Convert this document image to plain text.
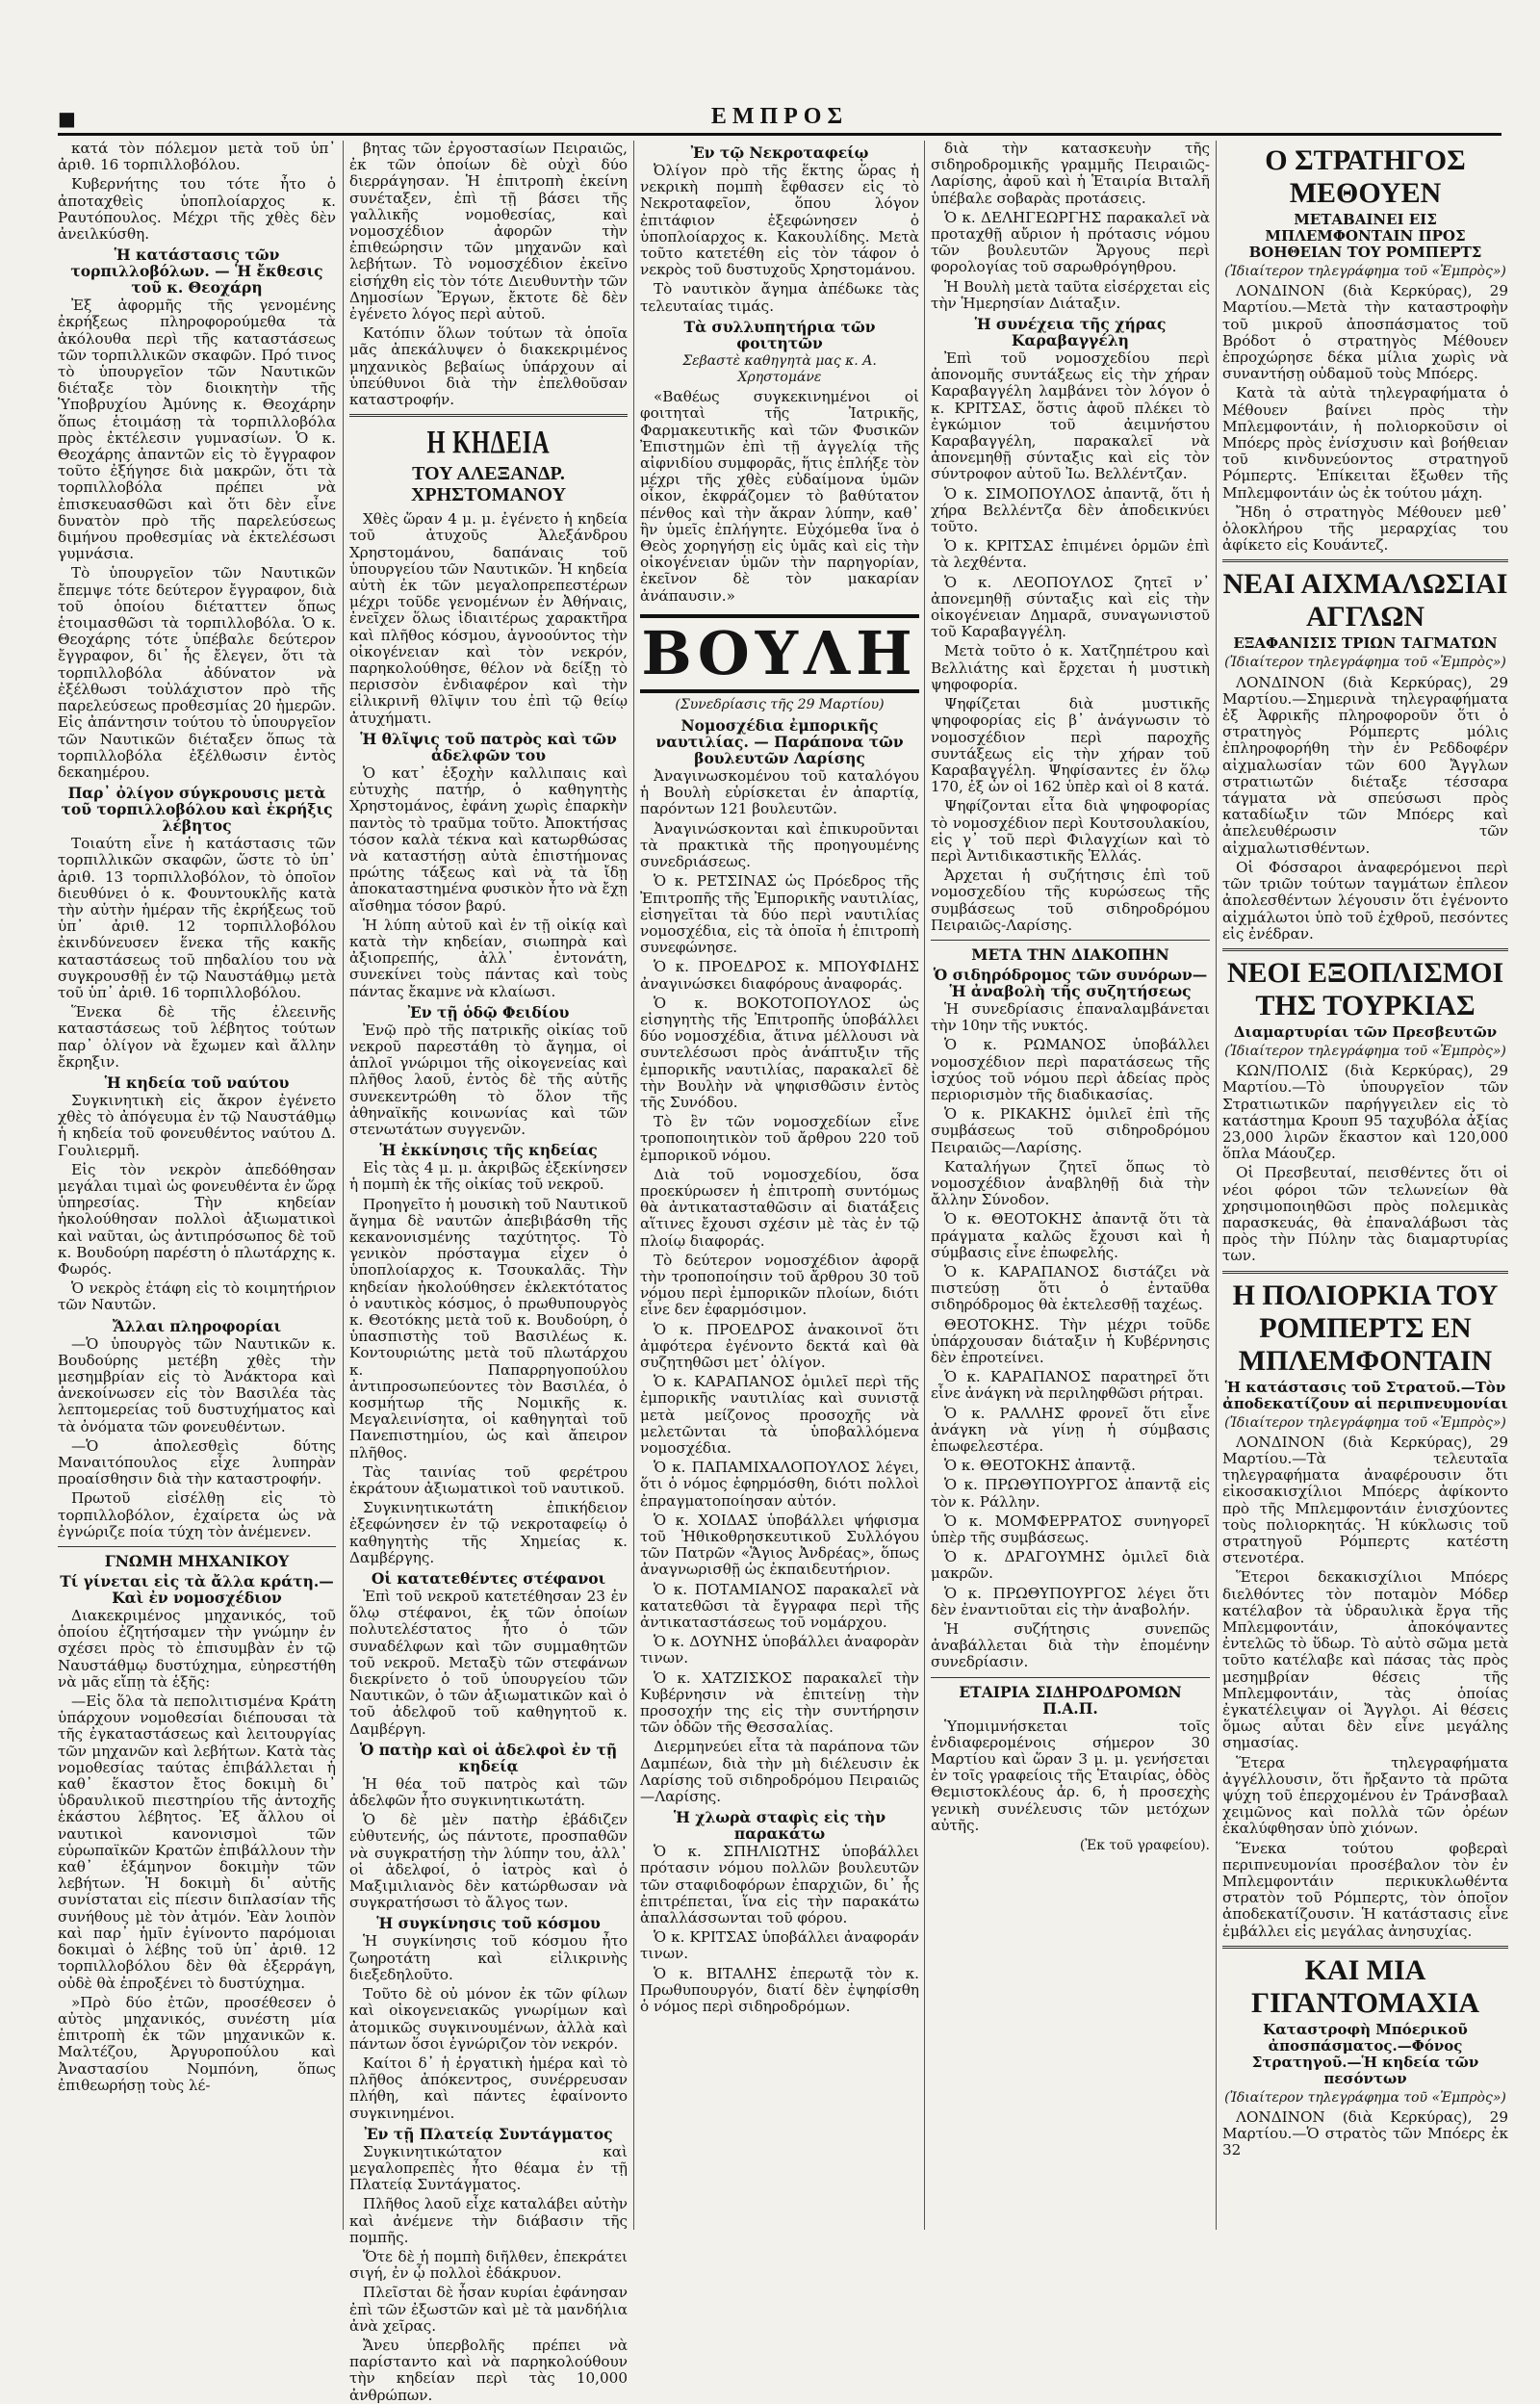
■	ΕΜΠΡΟΣ

κατά τὸν πόλεμον μετὰ τοῦ ὑπ᾽ ἀριθ. 16 τορπιλλοβόλου.

Κυβερνήτης του τότε ἦτο ὁ ἀποταχθεὶς ὑποπλοίαρχος κ. Ραυτόπουλος. Μέχρι τῆς χθὲς δὲν ἀνειλκύσθη.

Ἡ κατάστασις τῶν τορπιλλοβόλων. — Ἡ ἔκθεσις τοῦ κ. Θεοχάρη

Ἐξ ἀφορμῆς τῆς γενομένης ἐκρήξεως πληροφορούμεθα τὰ ἀκόλουθα περὶ τῆς καταστάσεως τῶν τορπιλλικῶν σκαφῶν. Πρό τινος τὸ ὑπουργεῖον τῶν Ναυτικῶν διέταξε τὸν διοικητὴν τῆς Ὑποβρυχίου Ἀμύνης κ. Θεοχάρην ὅπως ἑτοιμάσῃ τὰ τορπιλλοβόλα πρὸς ἐκτέλεσιν γυμνασίων. Ὁ κ. Θεοχάρης ἀπαντῶν εἰς τὸ ἔγγραφον τοῦτο ἐξήγησε διὰ μακρῶν, ὅτι τὰ τορπιλλοβόλα πρέπει νὰ ἐπισκευασθῶσι καὶ ὅτι δὲν εἶνε δυνατὸν πρὸ τῆς παρελεύσεως διμήνου προθεσμίας νὰ ἐκτελέσωσι γυμνάσια.

Τὸ ὑπουργεῖον τῶν Ναυτικῶν ἔπεμψε τότε δεύτερον ἔγγραφον, διὰ τοῦ ὁποίου διέταττεν ὅπως ἑτοιμασθῶσι τὰ τορπιλλοβόλα. Ὁ κ. Θεοχάρης τότε ὑπέβαλε δεύτερον ἔγγραφον, δι᾽ ἧς ἔλεγεν, ὅτι τὰ τορπιλλοβόλα ἀδύνατον νὰ ἐξέλθωσι τοὐλάχιστον πρὸ τῆς παρελεύσεως προθεσμίας 20 ἡμερῶν. Εἰς ἀπάντησιν τούτου τὸ ὑπουργεῖον τῶν Ναυτικῶν διέταξεν ὅπως τὰ τορπιλλοβόλα ἐξέλθωσιν ἐντὸς δεκαημέρου.

Παρ᾽ ὀλίγον σύγκρουσις μετὰ τοῦ τορπιλλοβόλου καὶ ἐκρήξις λέβητος

Τοιαύτη εἶνε ἡ κατάστασις τῶν τορπιλλικῶν σκαφῶν, ὥστε τὸ ὑπ᾽ ἀριθ. 13 τορπιλλοβόλον, τὸ ὁποῖον διευθύνει ὁ κ. Φουντουκλῆς κατὰ τὴν αὐτὴν ἡμέραν τῆς ἐκρήξεως τοῦ ὑπ᾽ ἀριθ. 12 τορπιλλοβόλου ἐκινδύνευσεν ἕνεκα τῆς κακῆς καταστάσεως τοῦ πηδαλίου του νὰ συγκρουσθῇ ἐν τῷ Ναυστάθμῳ μετὰ τοῦ ὑπ᾽ ἀριθ. 16 τορπιλλοβόλου.

Ἕνεκα δὲ τῆς ἐλεεινῆς καταστάσεως τοῦ λέβητος τούτων παρ᾽ ὀλίγον νὰ ἔχωμεν καὶ ἄλλην ἔκρηξιν.

Ἡ κηδεία τοῦ ναύτου

Συγκινητικὴ εἰς ἄκρον ἐγένετο χθὲς τὸ ἀπόγευμα ἐν τῷ Ναυστάθμῳ ἡ κηδεία τοῦ φονευθέντος ναύτου Δ. Γουλιερμῆ.

Εἰς τὸν νεκρὸν ἀπεδόθησαν μεγάλαι τιμαὶ ὡς φονευθέντα ἐν ὥρᾳ ὑπηρεσίας. Τὴν κηδείαν ἠκολούθησαν πολλοὶ ἀξιωματικοὶ καὶ ναῦται, ὡς ἀντιπρόσωπος δὲ τοῦ κ. Βουδούρη παρέστη ὁ πλωτάρχης κ. Φωρός.

Ὁ νεκρὸς ἐτάφη εἰς τὸ κοιμητήριον τῶν Ναυτῶν.

Ἄλλαι πληροφορίαι

—Ὁ ὑπουργὸς τῶν Ναυτικῶν κ. Βουδούρης μετέβη χθὲς τὴν μεσημβρίαν εἰς τὸ Ἀνάκτορα καὶ ἀνεκοίνωσεν εἰς τὸν Βασιλέα τὰς λεπτομερείας τοῦ δυστυχήματος καὶ τὰ ὀνόματα τῶν φονευθέντων.

—Ὁ ἀπολεσθεὶς δύτης Μαναιτόπουλος εἶχε λυπηρὰν προαίσθησιν διὰ τὴν καταστροφήν.

Πρωτοῦ εἰσέλθῃ εἰς τὸ τορπιλλοβόλον, ἐχαίρετα ὡς νὰ ἐγνώριζε ποία τύχη τὸν ἀνέμενεν.

ΓΝΩΜΗ ΜΗΧΑΝΙΚΟΥ
Τί γίνεται εἰς τὰ ἄλλα κράτη.—Καὶ ἐν νομοσχέδιον

Διακεκριμένος μηχανικός, τοῦ ὁποίου ἐζητήσαμεν τὴν γνώμην ἐν σχέσει πρὸς τὸ ἐπισυμβὰν ἐν τῷ Ναυστάθμῳ δυστύχημα, εὐηρεστήθη νὰ μᾶς εἴπῃ τὰ ἑξῆς:

—Εἰς ὅλα τὰ πεπολιτισμένα Κράτη ὑπάρχουν νομοθεσίαι διέπουσαι τὰ τῆς ἐγκαταστάσεως καὶ λειτουργίας τῶν μηχανῶν καὶ λεβήτων. Κατὰ τὰς νομοθεσίας ταύτας ἐπιβάλλεται ἡ καθ᾽ ἕκαστον ἔτος δοκιμὴ δι᾽ ὑδραυλικοῦ πιεστηρίου τῆς ἀντοχῆς ἑκάστου λέβητος. Ἐξ ἄλλου οἱ ναυτικοὶ κανονισμοὶ τῶν εὐρωπαϊκῶν Κρατῶν ἐπιβάλλουν τὴν καθ᾽ ἑξάμηνον δοκιμὴν τῶν λεβήτων. Ἡ δοκιμὴ δι᾽ αὐτῆς συνίσταται εἰς πίεσιν διπλασίαν τῆς συνήθους μὲ τὸν ἀτμόν. Ἐὰν λοιπὸν καὶ παρ᾽ ἡμῖν ἐγίνοντο παρόμοιαι δοκιμαὶ ὁ λέβης τοῦ ὑπ᾽ ἀριθ. 12 τορπιλλοβόλου δὲν θὰ ἐξερράγη, οὐδὲ θὰ ἐπροξένει τὸ δυστύχημα.

»Πρὸ δύο ἐτῶν, προσέθεσεν ὁ αὐτὸς μηχανικός, συνέστη μία ἐπιτροπὴ ἐκ τῶν μηχανικῶν κ. Μαλτέζου, Ἀργυροπούλου καὶ Ἀναστασίου Νομπόνη, ὅπως ἐπιθεωρήσῃ τοὺς λέ-

βητας τῶν ἐργοστασίων Πειραιῶς, ἐκ τῶν ὁποίων δὲ οὐχὶ δύο διερράγησαν. Ἡ ἐπιτροπὴ ἐκείνη συνέταξεν, ἐπὶ τῇ βάσει τῆς γαλλικῆς νομοθεσίας, καὶ νομοσχέδιον ἀφορῶν τὴν ἐπιθεώρησιν τῶν μηχανῶν καὶ λεβήτων. Τὸ νομοσχέδιον ἐκεῖνο εἰσήχθη εἰς τὸν τότε Διευθυντὴν τῶν Δημοσίων Ἔργων, ἔκτοτε δὲ δὲν ἐγένετο λόγος περὶ αὐτοῦ.

Κατόπιν ὅλων τούτων τὰ ὁποῖα μᾶς ἀπεκάλυψεν ὁ διακεκριμένος μηχανικὸς βεβαίως ὑπάρχουν αἱ ὑπεύθυνοι διὰ τὴν ἐπελθοῦσαν καταστροφήν.

Η ΚΗΔΕΙΑ
ΤΟΥ ΑΛΕΞΑΝΔΡ. ΧΡΗΣΤΟΜΑΝΟΥ

Χθὲς ὥραν 4 μ. μ. ἐγένετο ἡ κηδεία τοῦ ἀτυχοῦς Ἀλεξάνδρου Χρηστομάνου, δαπάναις τοῦ ὑπουργείου τῶν Ναυτικῶν. Ἡ κηδεία αὐτὴ ἐκ τῶν μεγαλοπρεπεστέρων μέχρι τοῦδε γενομένων ἐν Ἀθήναις, ἐνεῖχεν ὅλως ἰδιαιτέρως χαρακτῆρα καὶ πλῆθος κόσμου, ἀγνοούντος τὴν οἰκογένειαν καὶ τὸν νεκρόν, παρηκολούθησε, θέλον νὰ δείξῃ τὸ περισσὸν ἐνδιαφέρον καὶ τὴν εἰλικρινῆ θλῖψιν του ἐπὶ τῷ θείῳ ἀτυχήματι.

Ἡ θλῖψις τοῦ πατρὸς καὶ τῶν ἀδελφῶν του

Ὁ κατ᾽ ἐξοχὴν καλλιπαις καὶ εὐτυχὴς πατήρ, ὁ καθηγητὴς Χρηστομάνος, ἐφάνη χωρὶς ἐπαρκὴν παντὸς τὸ τραῦμα τοῦτο. Ἀποκτήσας τόσον καλὰ τέκνα καὶ κατωρθώσας νὰ καταστήσῃ αὐτὰ ἐπιστήμονας πρώτης τάξεως καὶ νὰ τὰ ἴδῃ ἀποκαταστημένα φυσικὸν ἦτο νὰ ἔχῃ αἴσθημα τόσον βαρύ.

Ἡ λύπη αὐτοῦ καὶ ἐν τῇ οἰκίᾳ καὶ κατὰ τὴν κηδείαν, σιωπηρὰ καὶ ἀξιοπρεπής, ἀλλ᾽ ἐντονάτη, συνεκίνει τοὺς πάντας καὶ τοὺς πάντας ἔκαμνε νὰ κλαίωσι.

Ἐν τῇ ὁδῷ Φειδίου

Ἐνῷ πρὸ τῆς πατρικῆς οἰκίας τοῦ νεκροῦ παρεστάθη τὸ ἄγημα, οἱ ἁπλοῖ γνώριμοι τῆς οἰκογενείας καὶ πλῆθος λαοῦ, ἐντὸς δὲ τῆς αὐτῆς συνεκεντρώθη τὸ ὅλον τῆς ἀθηναϊκῆς κοινωνίας καὶ τῶν στενωτάτων συγγενῶν.

Ἡ ἐκκίνησις τῆς κηδείας

Εἰς τὰς 4 μ. μ. ἀκριβῶς ἐξεκίνησεν ἡ πομπὴ ἐκ τῆς οἰκίας τοῦ νεκροῦ.

Προηγεῖτο ἡ μουσικὴ τοῦ Ναυτικοῦ ἄγημα δὲ ναυτῶν ἀπεβιβάσθη τῆς κεκανονισμένης ταχύτητος. Τὸ γενικὸν πρόσταγμα εἶχεν ὁ ὑποπλοίαρχος κ. Τσουκαλᾶς. Τὴν κηδείαν ἠκολούθησεν ἐκλεκτότατος ὁ ναυτικὸς κόσμος, ὁ πρωθυπουργὸς κ. Θεοτόκης μετὰ τοῦ κ. Βουδούρη, ὁ ὑπασπιστὴς τοῦ Βασιλέως κ. Κοντουριώτης μετὰ τοῦ πλωτάρχου κ. Παπαρρηγοπούλου ἀντιπροσωπεύοντες τὸν Βασιλέα, ὁ κοσμήτωρ τῆς Νομικῆς κ. Μεγαλεινίσητα, οἱ καθηγηταὶ τοῦ Πανεπιστημίου, ὡς καὶ ἄπειρον πλῆθος.

Τὰς ταινίας τοῦ φερέτρου ἐκράτουν ἀξιωματικοὶ τοῦ ναυτικοῦ.

Συγκινητικωτάτη ἐπικήδειον ἐξεφώνησεν ἐν τῷ νεκροταφείῳ ὁ καθηγητὴς τῆς Χημείας κ. Δαμβέργης.

Οἱ κατατεθέντες στέφανοι

Ἐπὶ τοῦ νεκροῦ κατετέθησαν 23 ἐν ὅλῳ στέφανοι, ἐκ τῶν ὁποίων πολυτελέστατος ἦτο ὁ τῶν συναδέλφων καὶ τῶν συμμαθητῶν τοῦ νεκροῦ. Μεταξὺ τῶν στεφάνων διεκρίνετο ὁ τοῦ ὑπουργείου τῶν Ναυτικῶν, ὁ τῶν ἀξιωματικῶν καὶ ὁ τοῦ ἀδελφοῦ τοῦ καθηγητοῦ κ. Δαμβέργη.

Ὁ πατὴρ καὶ οἱ ἀδελφοὶ ἐν τῇ κηδείᾳ

Ἡ θέα τοῦ πατρὸς καὶ τῶν ἀδελφῶν ἦτο συγκινητικωτάτη.

Ὁ δὲ μὲν πατὴρ ἐβάδιζεν εὐθυτενής, ὡς πάντοτε, προσπαθῶν νὰ συγκρατήσῃ τὴν λύπην του, ἀλλ᾽ οἱ ἀδελφοί, ὁ ἰατρὸς καὶ ὁ Μαξιμιλιανὸς δὲν κατώρθωσαν νὰ συγκρατήσωσι τὸ ἄλγος των.

Ἡ συγκίνησις τοῦ κόσμου

Ἡ συγκίνησις τοῦ κόσμου ἦτο ζωηροτάτη καὶ εἰλικρινὴς διεξεδηλοῦτο.

Τοῦτο δὲ οὐ μόνον ἐκ τῶν φίλων καὶ οἰκογενειακῶς γνωρίμων καὶ ἀτομικῶς συγκινουμένων, ἀλλὰ καὶ πάντων ὅσοι ἐγνώριζον τὸν νεκρόν.

Καίτοι δ᾽ ἡ ἐργατικὴ ἡμέρα καὶ τὸ πλῆθος ἀπόκεντρος, συνέρρευσαν πλήθη, καὶ πάντες ἐφαίνοντο συγκινημένοι.

Ἐν τῇ Πλατείᾳ Συντάγματος

Συγκινητικώτατον καὶ μεγαλοπρεπὲς ἦτο θέαμα ἐν τῇ Πλατείᾳ Συντάγματος.

Πλῆθος λαοῦ εἶχε καταλάβει αὐτὴν καὶ ἀνέμενε τὴν διάβασιν τῆς πομπῆς.

Ὅτε δὲ ἡ πομπὴ διῆλθεν, ἐπεκράτει σιγή, ἐν ᾧ πολλοὶ ἐδάκρυον.

Πλεῖσται δὲ ἦσαν κυρίαι ἐφάνησαν ἐπὶ τῶν ἐξωστῶν καὶ μὲ τὰ μανδήλια ἀνὰ χεῖρας.

Ἄνευ ὑπερβολῆς πρέπει νὰ παρίσταντο καὶ νὰ παρηκολούθουν τὴν κηδείαν περὶ τὰς 10,000 ἀνθρώπων.

Ἐν τῷ Νεκροταφείῳ

Ὀλίγον πρὸ τῆς ἕκτης ὥρας ἡ νεκρικὴ πομπὴ ἔφθασεν εἰς τὸ Νεκροταφεῖον, ὅπου λόγον ἐπιτάφιον ἐξεφώνησεν ὁ ὑποπλοίαρχος κ. Κακουλίδης. Μετὰ τοῦτο κατετέθη εἰς τὸν τάφον ὁ νεκρὸς τοῦ δυστυχοῦς Χρηστομάνου.

Τὸ ναυτικὸν ἄγημα ἀπέδωκε τὰς τελευταίας τιμάς.

Τὰ συλλυπητήρια τῶν φοιτητῶν
Σεβαστὲ καθηγητὰ μας κ. Α. Χρηστομάνε

«Βαθέως συγκεκινημένοι οἱ φοιτηταὶ τῆς Ἰατρικῆς, Φαρμακευτικῆς καὶ τῶν Φυσικῶν Ἐπιστημῶν ἐπὶ τῇ ἀγγελίᾳ τῆς αἰφνιδίου συμφορᾶς, ἥτις ἐπλήξε τὸν μέχρι τῆς χθὲς εὐδαίμονα ὑμῶν οἶκον, ἐκφράζομεν τὸ βαθύτατον πένθος καὶ τὴν ἄκραν λύπην, καθ᾽ ἣν ὑμεῖς ἐπλήγητε. Εὐχόμεθα ἵνα ὁ Θεὸς χορηγήσῃ εἰς ὑμᾶς καὶ εἰς τὴν οἰκογένειαν ὑμῶν τὴν παρηγορίαν, ἐκεῖνον δὲ τὸν μακαρίαν ἀνάπαυσιν.»

ΒΟΥΛΗ
(Συνεδρίασις τῆς 29 Μαρτίου)
Νομοσχέδια ἐμπορικῆς ναυτιλίας. — Παράπονα τῶν βουλευτῶν Λαρίσης

Ἀναγινωσκομένου τοῦ καταλόγου ἡ Βουλὴ εὑρίσκεται ἐν ἀπαρτίᾳ, παρόντων 121 βουλευτῶν.

Ἀναγινώσκονται καὶ ἐπικυροῦνται τὰ πρακτικὰ τῆς προηγουμένης συνεδριάσεως.

Ὁ κ. ΡΕΤΣΙΝΑΣ ὡς Πρόεδρος τῆς Ἐπιτροπῆς τῆς Ἐμπορικῆς ναυτιλίας, εἰσηγεῖται τὰ δύο περὶ ναυτιλίας νομοσχέδια, εἰς τὰ ὁποῖα ἡ ἐπιτροπὴ συνεφώνησε.

Ὁ κ. ΠΡΟΕΔΡΟΣ κ. ΜΠΟΥΦΙΔΗΣ ἀναγινώσκει διαφόρους ἀναφοράς.

Ὁ κ. ΒΟΚΟΤΟΠΟΥΛΟΣ ὡς εἰσηγητὴς τῆς Ἐπιτροπῆς ὑποβάλλει δύο νομοσχέδια, ἅτινα μέλλουσι νὰ συντελέσωσι πρὸς ἀνάπτυξιν τῆς ἐμπορικῆς ναυτιλίας, παρακαλεῖ δὲ τὴν Βουλὴν νὰ ψηφισθῶσιν ἐντὸς τῆς Συνόδου.

Τὸ ἓν τῶν νομοσχεδίων εἶνε τροποποιητικὸν τοῦ ἄρθρου 220 τοῦ ἐμπορικοῦ νόμου.

Διὰ τοῦ νομοσχεδίου, ὅσα προεκύρωσεν ἡ ἐπιτροπὴ συντόμως θὰ ἀντικατασταθῶσιν αἱ διατάξεις αἵτινες ἔχουσι σχέσιν μὲ τὰς ἐν τῷ πλοίῳ διαφοράς.

Τὸ δεύτερον νομοσχέδιον ἀφορᾷ τὴν τροποποίησιν τοῦ ἄρθρου 30 τοῦ νόμου περὶ ἐμπορικῶν πλοίων, διότι εἶνε δεν ἐφαρμόσιμον.

Ὁ κ. ΠΡΟΕΔΡΟΣ ἀνακοινοῖ ὅτι ἀμφότερα ἐγένοντο δεκτά καὶ θὰ συζητηθῶσι μετ᾽ ὀλίγον.

Ὁ κ. ΚΑΡΑΠΑΝΟΣ ὁμιλεῖ περὶ τῆς ἐμπορικῆς ναυτιλίας καὶ συνιστᾷ μετὰ μείζονος προσοχῆς νὰ μελετῶνται τὰ ὑποβαλλόμενα νομοσχέδια.

Ὁ κ. ΠΑΠΑΜΙΧΑΛΟΠΟΥΛΟΣ λέγει, ὅτι ὁ νόμος ἐφηρμόσθη, διότι πολλοὶ ἐπραγματοποίησαν αὐτόν.

Ὁ κ. ΧΟΙΔΑΣ ὑποβάλλει ψήφισμα τοῦ Ἠθικοθρησκευτικοῦ Συλλόγου τῶν Πατρῶν «Ἅγιος Ἀνδρέας», ὅπως ἀναγνωρισθῇ ὡς ἐκπαιδευτήριον.

Ὁ κ. ΠΟΤΑΜΙΑΝΟΣ παρακαλεῖ νὰ κατατεθῶσι τὰ ἔγγραφα περὶ τῆς ἀντικαταστάσεως τοῦ νομάρχου.

Ὁ κ. ΔΟΥΝΗΣ ὑποβάλλει ἀναφορὰν τινων.

Ὁ κ. ΧΑΤΖΙΣΚΟΣ παρακαλεῖ τὴν Κυβέρνησιν νὰ ἐπιτείνῃ τὴν προσοχήν της εἰς τὴν συντήρησιν τῶν ὁδῶν τῆς Θεσσαλίας.

Διερμηνεύει εἶτα τὰ παράπονα τῶν Δαμπέων, διὰ τὴν μὴ διέλευσιν ἐκ Λαρίσης τοῦ σιδηροδρόμου Πειραιῶς—Λαρίσης.

Ἡ χλωρὰ σταφὶς εἰς τὴν παρακάτω

Ὁ κ. ΣΠΗΛΙΩΤΗΣ ὑποβάλλει πρότασιν νόμου πολλῶν βουλευτῶν τῶν σταφιδοφόρων ἐπαρχιῶν, δι᾽ ἧς ἐπιτρέπεται, ἵνα εἰς τὴν παρακάτω ἀπαλλάσσωνται τοῦ φόρου.

Ὁ κ. ΚΡΙΤΣΑΣ ὑποβάλλει ἀναφοράν τινων.

Ὁ κ. ΒΙΤΑΛΗΣ ἐπερωτᾷ τὸν κ. Πρωθυπουργόν, διατί δὲν ἐψηφίσθη ὁ νόμος περὶ σιδηροδρόμων.

διὰ τὴν κατασκευὴν τῆς σιδηροδρομικῆς γραμμῆς Πειραιῶς-Λαρίσης, ἀφοῦ καὶ ἡ Ἑταιρία Βιταλῆ ὑπέβαλε σοβαρὰς προτάσεις.

Ὁ κ. ΔΕΛΗΓΕΩΡΓΗΣ παρακαλεῖ νὰ προταχθῇ αὔριον ἡ πρότασις νόμου τῶν βουλευτῶν Ἄργους περὶ φορολογίας τοῦ σαρωθρόγηθρου.

Ἡ Βουλὴ μετὰ ταῦτα εἰσέρχεται εἰς τὴν Ἡμερησίαν Διάταξιν.

Ἡ συνέχεια τῆς χήρας Καραβαγγέλη

Ἐπὶ τοῦ νομοσχεδίου περὶ ἀπονομῆς συντάξεως εἰς τὴν χήραν Καραβαγγέλη λαμβάνει τὸν λόγον ὁ κ. ΚΡΙΤΣΑΣ, ὅστις ἀφοῦ πλέκει τὸ ἐγκώμιον τοῦ ἀειμνήστου Καραβαγγέλη, παρακαλεῖ νὰ ἀπονεμηθῇ σύνταξις καὶ εἰς τὸν σύντροφον αὐτοῦ Ἰω. Βελλέντζαν.

Ὁ κ. ΣΙΜΟΠΟΥΛΟΣ ἀπαντᾷ, ὅτι ἡ χήρα Βελλέντζα δὲν ἀποδεικνύει τοῦτο.

Ὁ κ. ΚΡΙΤΣΑΣ ἐπιμένει ὁρμῶν ἐπὶ τὰ λεχθέντα.

Ὁ κ. ΛΕΟΠΟΥΛΟΣ ζητεῖ ν᾽ ἀπονεμηθῇ σύνταξις καὶ εἰς τὴν οἰκογένειαν Δημαρᾶ, συναγωνιστοῦ τοῦ Καραβαγγέλη.

Μετὰ τοῦτο ὁ κ. Χατζηπέτρου καὶ Βελλιάτης καὶ ἔρχεται ἡ μυστικὴ ψηφοφορία.

Ψηφίζεται διὰ μυστικῆς ψηφοφορίας εἰς β᾽ ἀνάγνωσιν τὸ νομοσχέδιον περὶ παροχῆς συντάξεως εἰς τὴν χήραν τοῦ Καραβαγγέλη. Ψηφίσαντες ἐν ὅλῳ 170, ἐξ ὧν οἱ 162 ὑπὲρ καὶ οἱ 8 κατά.

Ψηφίζονται εἶτα διὰ ψηφοφορίας τὸ νομοσχέδιον περὶ Κουτσουλακίου, εἰς γ᾽ τοῦ περὶ Φιλαγχίων καὶ τὸ περὶ Ἀντιδικαστικῆς Ἑλλάς.

Ἀρχεται ἡ συζήτησις ἐπὶ τοῦ νομοσχεδίου τῆς κυρώσεως τῆς συμβάσεως τοῦ σιδηροδρόμου Πειραιῶς-Λαρίσης.

ΜΕΤΑ ΤΗΝ ΔΙΑΚΟΠΗΝ
Ὁ σιδηρόδρομος τῶν συνόρων—Ἡ ἀναβολὴ τῆς συζητήσεως

Ἡ συνεδρίασις ἐπαναλαμβάνεται τὴν 10ην τῆς νυκτός.

Ὁ κ. ΡΩΜΑΝΟΣ ὑποβάλλει νομοσχέδιον περὶ παρατάσεως τῆς ἰσχύος τοῦ νόμου περὶ ἀδείας πρὸς περιορισμὸν τῆς διαδικασίας.

Ὁ κ. ΡΙΚΑΚΗΣ ὁμιλεῖ ἐπὶ τῆς συμβάσεως τοῦ σιδηροδρόμου Πειραιῶς—Λαρίσης.

Καταλήγων ζητεῖ ὅπως τὸ νομοσχέδιον ἀναβληθῇ διὰ τὴν ἄλλην Σύνοδον.

Ὁ κ. ΘΕΟΤΟΚΗΣ ἀπαντᾷ ὅτι τὰ πράγματα καλῶς ἔχουσι καὶ ἡ σύμβασις εἶνε ἐπωφελής.

Ὁ κ. ΚΑΡΑΠΑΝΟΣ διστάζει νὰ πιστεύσῃ ὅτι ὁ ἐνταῦθα σιδηρόδρομος θὰ ἐκτελεσθῇ ταχέως.

ΘΕΟΤΟΚΗΣ. Τὴν μέχρι τοῦδε ὑπάρχουσαν διάταξιν ἡ Κυβέρνησις δὲν ἐπροτείνει.

Ὁ κ. ΚΑΡΑΠΑΝΟΣ παρατηρεῖ ὅτι εἶνε ἀνάγκη νὰ περιληφθῶσι ρήτραι.

Ὁ κ. ΡΑΛΛΗΣ φρονεῖ ὅτι εἶνε ἀνάγκη νὰ γίνῃ ἡ σύμβασις ἐπωφελεστέρα.

Ὁ κ. ΘΕΟΤΟΚΗΣ ἀπαντᾷ.

Ὁ κ. ΠΡΩΘΥΠΟΥΡΓΟΣ ἀπαντᾷ εἰς τὸν κ. Ράλλην.

Ὁ κ. ΜΟΜΦΕΡΡΑΤΟΣ συνηγορεῖ ὑπὲρ τῆς συμβάσεως.

Ὁ κ. ΔΡΑΓΟΥΜΗΣ ὁμιλεῖ διὰ μακρῶν.

Ὁ κ. ΠΡΩΘΥΠΟΥΡΓΟΣ λέγει ὅτι δὲν ἐναντιοῦται εἰς τὴν ἀναβολήν.

Ἡ συζήτησις συνεπῶς ἀναβάλλεται διὰ τὴν ἐπομένην συνεδρίασιν.

ΕΤΑΙΡΙΑ ΣΙΔΗΡΟΔΡΟΜΩΝ Π.Α.Π.

Ὑπομιμνήσκεται τοῖς ἐνδιαφερομένοις σήμερον 30 Μαρτίου καὶ ὥραν 3 μ. μ. γενήσεται ἐν τοῖς γραφείοις τῆς Ἑταιρίας, ὁδὸς Θεμιστοκλέους ἀρ. 6, ἡ προσεχὴς γενικὴ συνέλευσις τῶν μετόχων αὐτῆς.

(Ἐκ τοῦ γραφείου).
Ο ΣΤΡΑΤΗΓΟΣ ΜΕΘΟΥΕΝ
ΜΕΤΑΒΑΙΝΕΙ ΕΙΣ ΜΠΛΕΜΦΟΝΤΑΙΝ ΠΡΟΣ ΒΟΗΘΕΙΑΝ ΤΟΥ ΡΟΜΠΕΡΤΣ
(Ἰδιαίτερον τηλεγράφημα τοῦ «Ἐμπρὸς»)

ΛΟΝΔΙΝΟΝ (διὰ Κερκύρας), 29 Μαρτίου.—Μετὰ τὴν καταστροφὴν τοῦ μικροῦ ἀποσπάσματος τοῦ Βρόδοτ ὁ στρατηγὸς Μέθουεν ἐπροχώρησε δέκα μίλια χωρὶς νὰ συναντήσῃ οὐδαμοῦ τοὺς Μπόερς.

Κατὰ τὰ αὐτὰ τηλεγραφήματα ὁ Μέθουεν βαίνει πρὸς τὴν Μπλεμφοντάιν, ἡ πολιορκοῦσιν οἱ Μπόερς πρὸς ἐνίσχυσιν καὶ βοήθειαν τοῦ κινδυνεύοντος στρατηγοῦ Ρόμπερτς. Ἐπίκειται ἔξωθεν τῆς Μπλεμφοντάιν ὡς ἐκ τούτου μάχη.

Ἤδη ὁ στρατηγὸς Μέθουεν μεθ᾽ ὁλοκλήρου τῆς μεραρχίας του ἀφίκετο εἰς Κουάντεζ.

ΝΕΑΙ ΑΙΧΜΑΛΩΣΙΑΙ ΑΓΓΛΩΝ
ΕΞΑΦΑΝΙΣΙΣ ΤΡΙΩΝ ΤΑΓΜΑΤΩΝ
(Ἰδιαίτερον τηλεγράφημα τοῦ «Ἐμπρὸς»)

ΛΟΝΔΙΝΟΝ (διὰ Κερκύρας), 29 Μαρτίου.—Σημερινὰ τηλεγραφήματα ἐξ Ἀφρικῆς πληροφοροῦν ὅτι ὁ στρατηγὸς Ρόμπερτς μόλις ἐπληροφορήθη τὴν ἐν Ρεδδοφέρν αἰχμαλωσίαν τῶν 600 Ἄγγλων στρατιωτῶν διέταξε τέσσαρα τάγματα νὰ σπεύσωσι πρὸς καταδίωξιν τῶν Μπόερς καὶ ἀπελευθέρωσιν τῶν αἰχμαλωτισθέντων.

Οἱ Φόσσαροι ἀναφερόμενοι περὶ τῶν τριῶν τούτων ταγμάτων ἐπλεον ἀπολεσθέντων λέγουσιν ὅτι ἐγένοντο αἰχμάλωτοι ὑπὸ τοῦ ἐχθροῦ, πεσόντες εἰς ἐνέδραν.

ΝΕΟΙ ΕΞΟΠΛΙΣΜΟΙ ΤΗΣ ΤΟΥΡΚΙΑΣ
Διαμαρτυρίαι τῶν Πρεσβευτῶν
(Ἰδιαίτερον τηλεγράφημα τοῦ «Ἐμπρὸς»)

ΚΩΝ/ΠΟΛΙΣ (διὰ Κερκύρας), 29 Μαρτίου.—Τὸ ὑπουργεῖον τῶν Στρατιωτικῶν παρήγγειλεν εἰς τὸ κατάστημα Κρουπ 95 ταχυβόλα ἀξίας 23,000 λιρῶν ἕκαστον καὶ 120,000 ὅπλα Μάουζερ.

Οἱ Πρεσβευταί, πεισθέντες ὅτι οἱ νέοι φόροι τῶν τελωνείων θὰ χρησιμοποιηθῶσι πρὸς πολεμικὰς παρασκευάς, θὰ ἐπαναλάβωσι τὰς πρὸς τὴν Πύλην τὰς διαμαρτυρίας των.

Η ΠΟΛΙΟΡΚΙΑ ΤΟΥ ΡΟΜΠΕΡΤΣ ΕΝ ΜΠΛΕΜΦΟΝΤΑΙΝ
Ἡ κατάστασις τοῦ Στρατοῦ.—Τὸν ἀποδεκατίζουν αἱ περιπνευμονίαι
(Ἰδιαίτερον τηλεγράφημα τοῦ «Ἐμπρὸς»)

ΛΟΝΔΙΝΟΝ (διὰ Κερκύρας), 29 Μαρτίου.—Τὰ τελευταῖα τηλεγραφήματα ἀναφέρουσιν ὅτι εἰκοσακισχίλιοι Μπόερς ἀφίκοντο πρὸ τῆς Μπλεμφοντάιν ἐνισχύοντες τοὺς πολιορκητάς. Ἡ κύκλωσις τοῦ στρατηγοῦ Ρόμπερτς κατέστη στενοτέρα.

Ἕτεροι δεκακισχίλιοι Μπόερς διελθόντες τὸν ποταμὸν Μόδερ κατέλαβον τὰ ὑδραυλικὰ ἔργα τῆς Μπλεμφοντάιν, ἀποκόψαντες ἐντελῶς τὸ ὕδωρ. Τὸ αὐτὸ σῶμα μετὰ τοῦτο κατέλαβε καὶ πάσας τὰς πρὸς μεσημβρίαν θέσεις τῆς Μπλεμφοντάιν, τὰς ὁποίας ἐγκατέλειψαν οἱ Ἄγγλοι. Αἱ θέσεις ὅμως αὗται δὲν εἶνε μεγάλης σημασίας.

Ἕτερα τηλεγραφήματα ἀγγέλλουσιν, ὅτι ἤρξαντο τὰ πρῶτα ψύχη τοῦ ἐπερχομένου ἐν Τράνσβααλ χειμῶνος καὶ πολλὰ τῶν ὀρέων ἐκαλύφθησαν ὑπὸ χιόνων.

Ἕνεκα τούτου φοβεραὶ περιπνευμονίαι προσέβαλον τὸν ἐν Μπλεμφοντάιν περικυκλωθέντα στρατὸν τοῦ Ρόμπερτς, τὸν ὁποῖον ἀποδεκατίζουσιν. Ἡ κατάστασις εἶνε ἐμβάλλει εἰς μεγάλας ἀνησυχίας.

ΚΑΙ ΜΙΑ ΓΙΓΑΝΤΟΜΑΧΙΑ
Καταστροφὴ Μπόερικοῦ ἀποσπάσματος.—Φόνος Στρατηγοῦ.—Ἡ κηδεία τῶν πεσόντων
(Ἰδιαίτερον τηλεγράφημα τοῦ «Ἐμπρὸς»)

ΛΟΝΔΙΝΟΝ (διὰ Κερκύρας), 29 Μαρτίου.—Ὁ στρατὸς τῶν Μπόερς ἐκ 32
